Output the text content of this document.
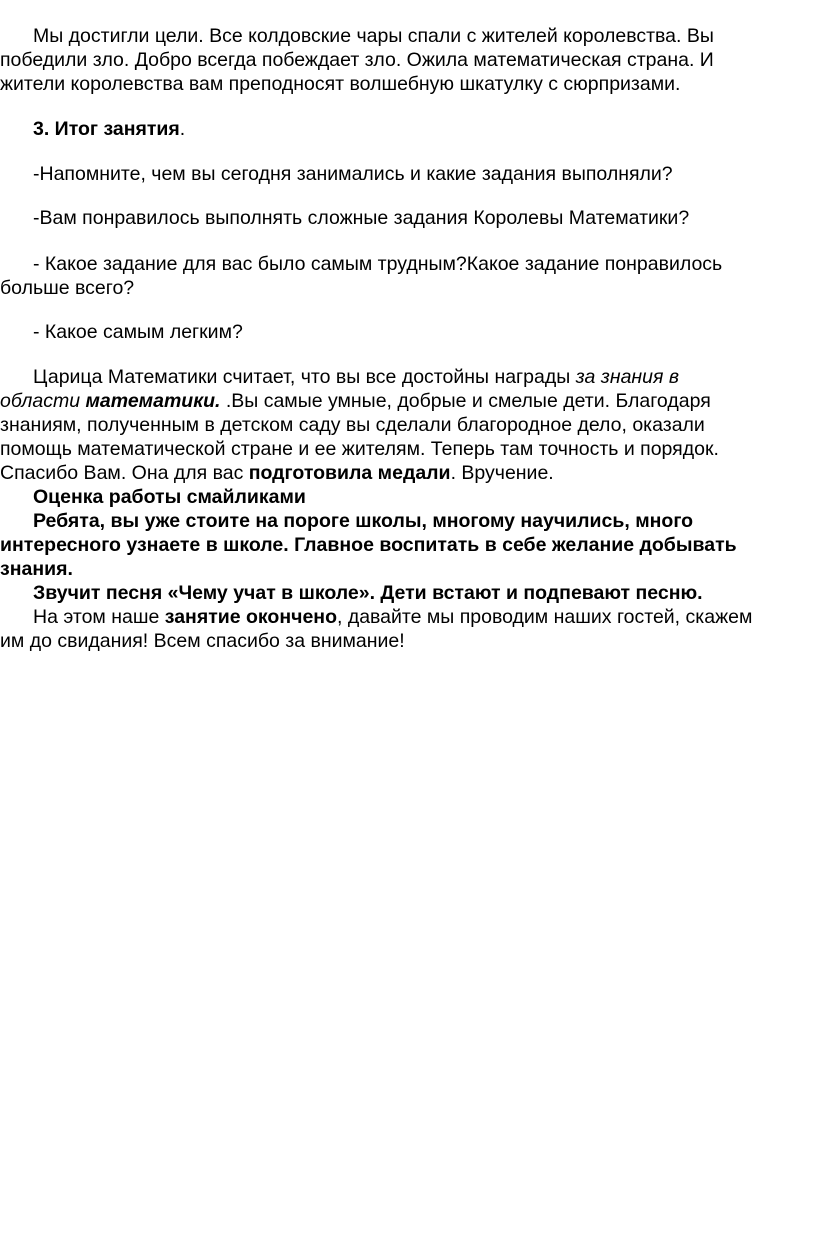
Мы достигли цели. Все колдовские чары спали с жителей королевства. Вы
победили зло. Добро всегда побеждает зло. Ожила математическая страна. И
жители королевства вам преподносят волшебную шкатулку с сюрпризами.
3. Итог занятия.
-Напомните, чем вы сегодня занимались и какие задания выполняли?
-Вам понравилось выполнять сложные задания Королевы Математики?
- Какое задание для вас было самым трудным?Какое задание понравилось
больше всего?
- Какое самым легким?
Царица Математики считает, что вы все достойны награды за знания в
области математики. .Вы самые умные, добрые и смелые дети. Благодаря
знаниям, полученным в детском саду вы сделали благородное дело, оказали
помощь математической стране и ее жителям. Теперь там точность и порядок.
Спасибо Вам. Она для вас подготовила медали. Вручение.
Оценка работы смайликами
Ребята, вы уже стоите на пороге школы, многому научились, много
интересного узнаете в школе. Главное воспитать в себе желание добывать
знания.
Звучит песня «Чему учат в школе». Дети встают и подпевают песню.
На этом наше занятие окончено, давайте мы проводим наших гостей, скажем
им до свидания! Всем спасибо за внимание!
